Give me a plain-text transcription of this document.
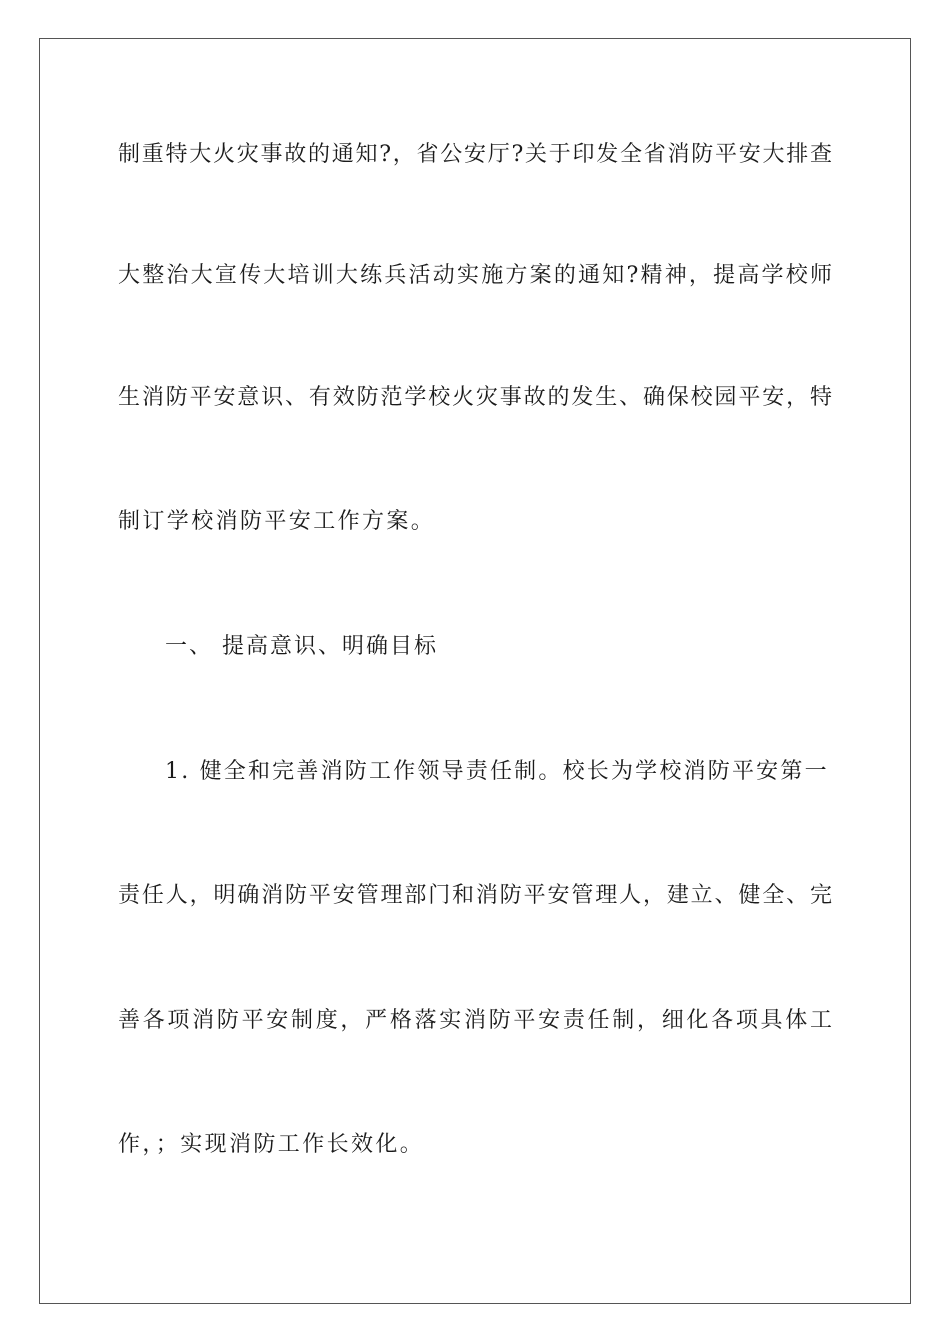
制重特大火灾事故的通知?，省公安厅?关于印发全省消防平安大排查
大整治大宣传大培训大练兵活动实施方案的通知?精神，提高学校师
生消防平安意识、有效防范学校火灾事故的发生、确保校园平安，特
制订学校消防平安工作方案。
一、 提高意识、明确目标
1. 健全和完善消防工作领导责任制。校长为学校消防平安第一
责任人，明确消防平安管理部门和消防平安管理人，建立、健全、完
善各项消防平安制度，严格落实消防平安责任制，细化各项具体工
作，；实现消防工作长效化。
